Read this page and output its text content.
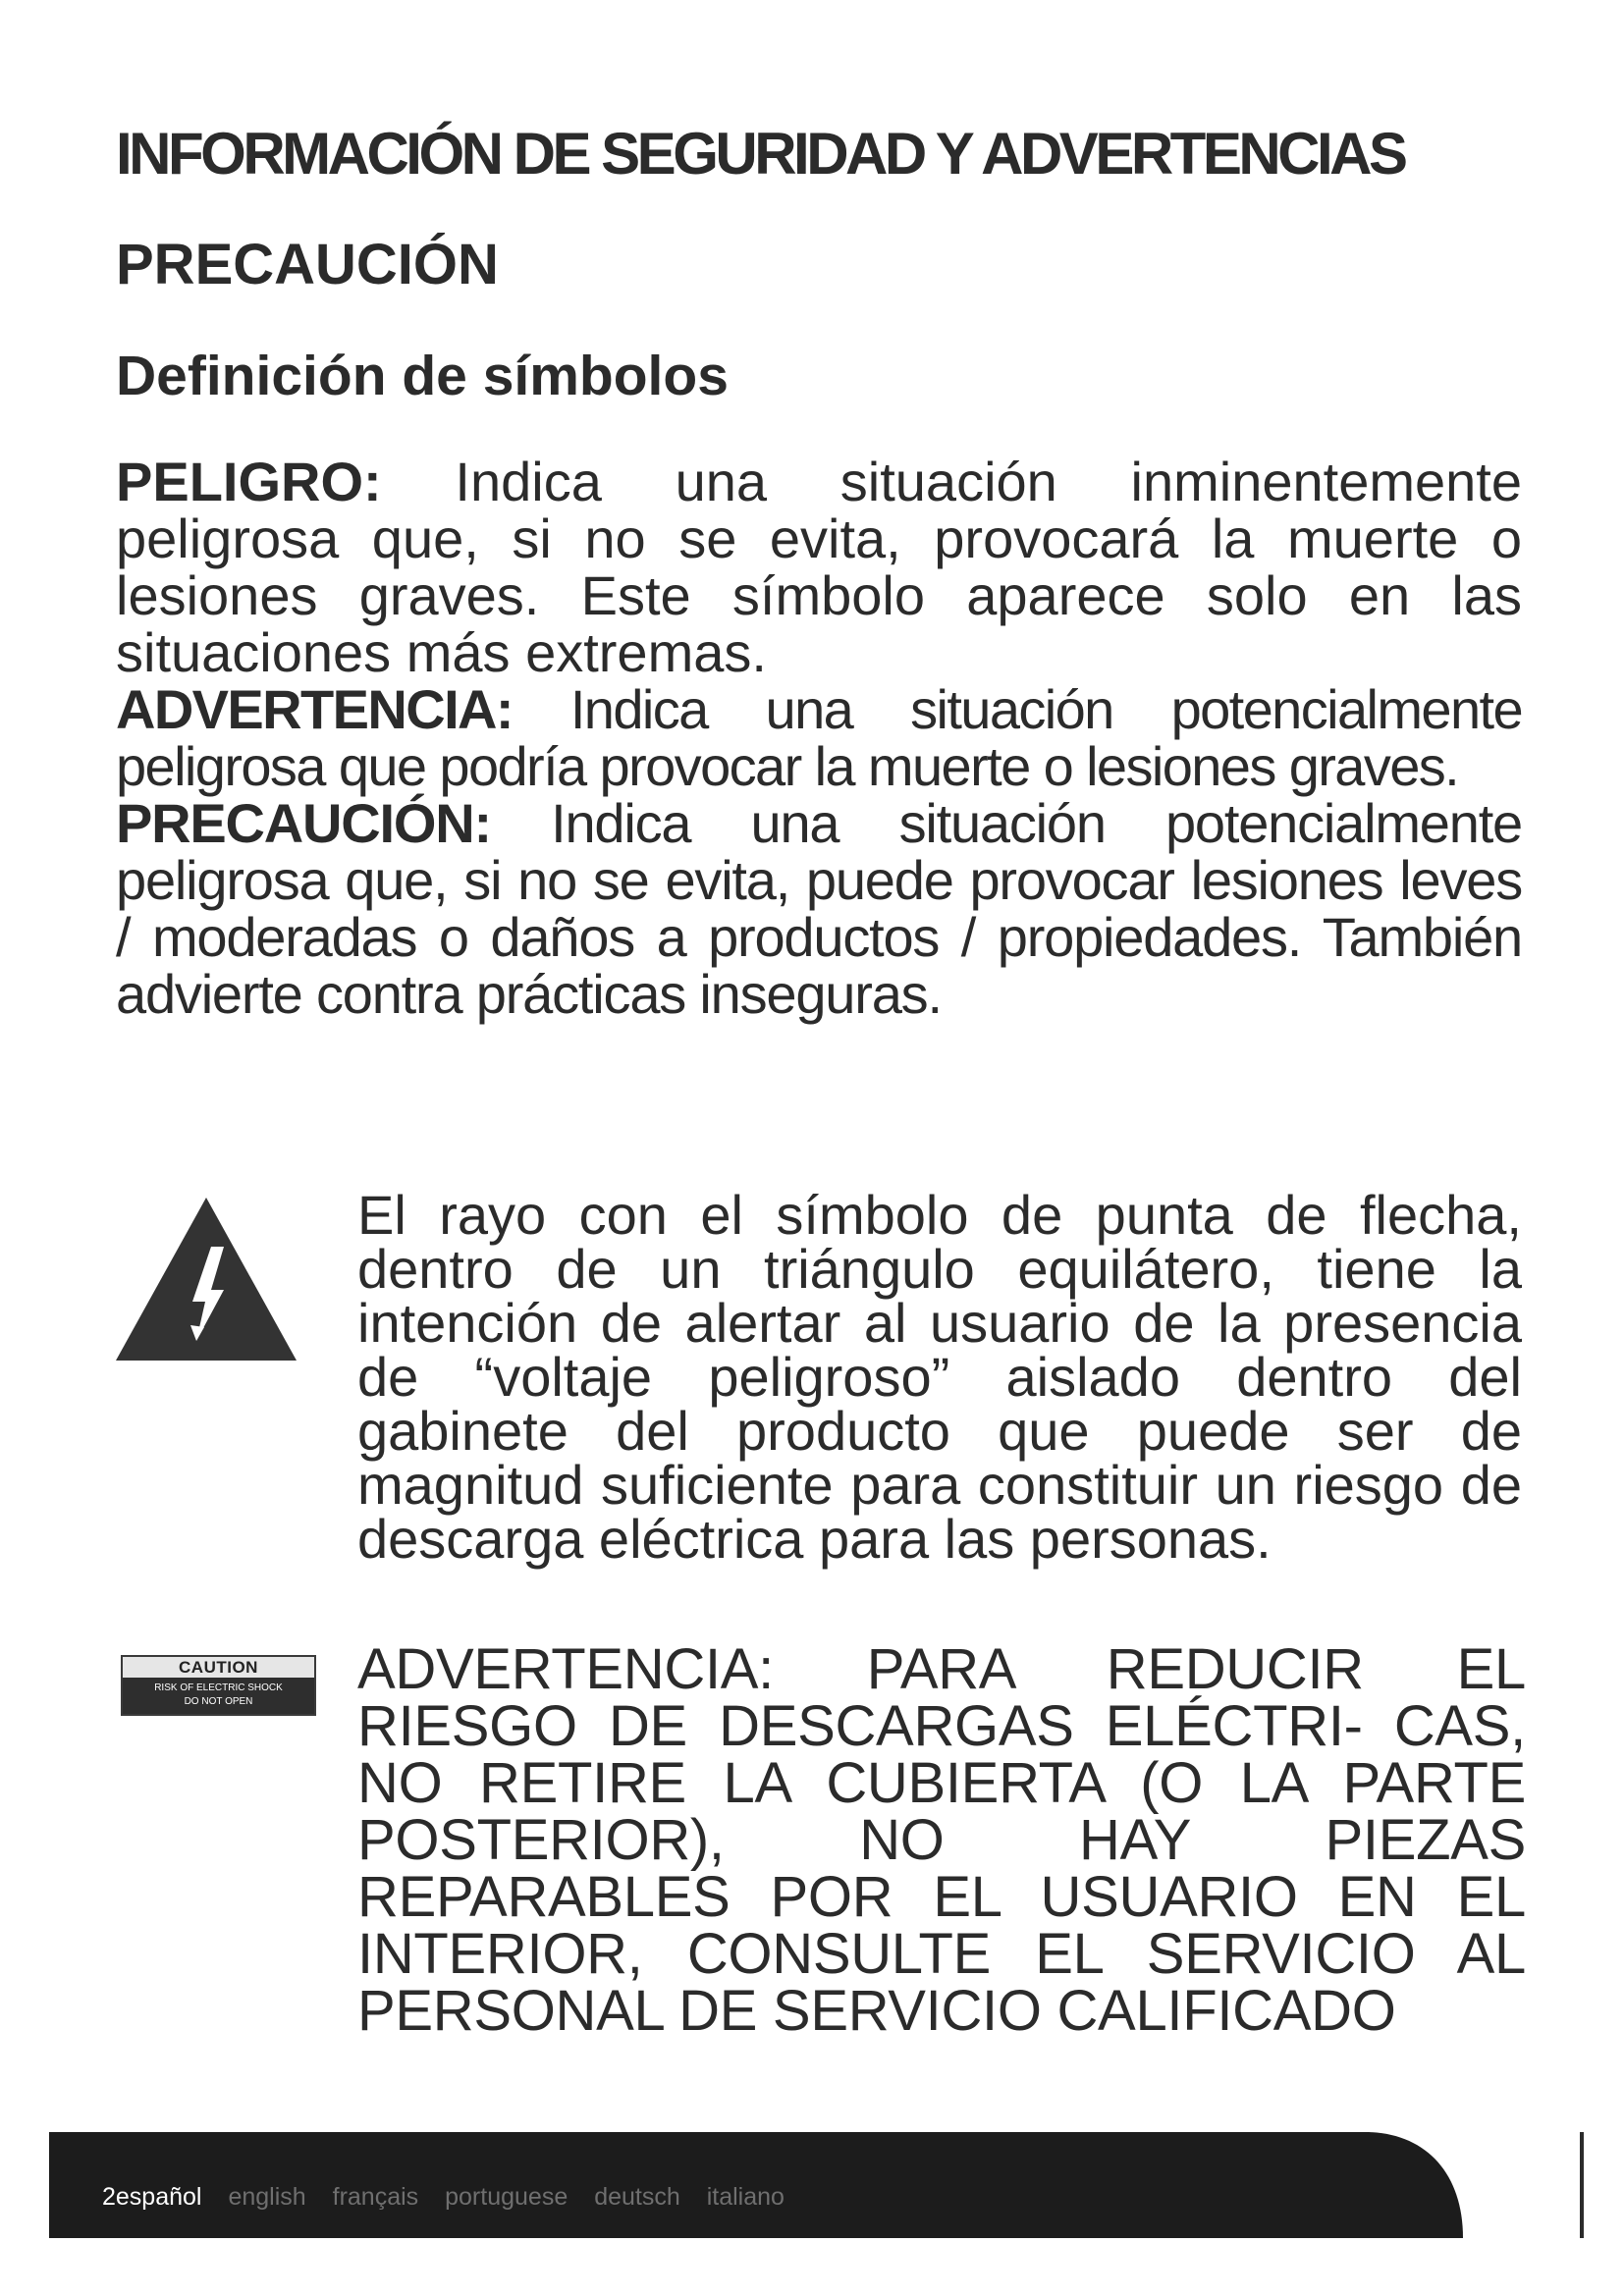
INFORMACIÓN DE SEGURIDAD Y ADVERTENCIAS
PRECAUCIÓN
Definición de símbolos

PELIGRO: Indica una situación inminentemente peligrosa que, si no se evita, provocará la muerte o lesiones graves. Este símbolo aparece solo en las situaciones más extremas.

ADVERTENCIA: Indica una situación potencialmente peligrosa que podría provocar la muerte o lesiones graves.

PRECAUCIÓN: Indica una situación potencialmente peligrosa que, si no se evita, puede provocar lesiones leves / moderadas o daños a productos / propiedades. También advierte contra prácticas inseguras.

El rayo con el símbolo de punta de flecha, dentro de un triángulo equilátero, tiene la intención de alertar al usuario de la presencia de “voltaje peligroso” aislado dentro del gabinete del producto que puede ser de magnitud suficiente para constituir un riesgo de descarga eléctrica para las personas.

CAUTION
RISK OF ELECTRIC SHOCK
DO NOT OPEN

ADVERTENCIA: PARA REDUCIR EL RIESGO DE DESCARGAS ELÉCTRI- CAS, NO RETIRE LA CUBIERTA (O LA PARTE POSTERIOR), NO HAY PIEZAS REPARABLES POR EL USUARIO EN EL INTERIOR, CONSULTE EL SERVICIO AL PERSONAL DE SERVICIO CALIFICADO

2español english français portuguese deutsch italiano
